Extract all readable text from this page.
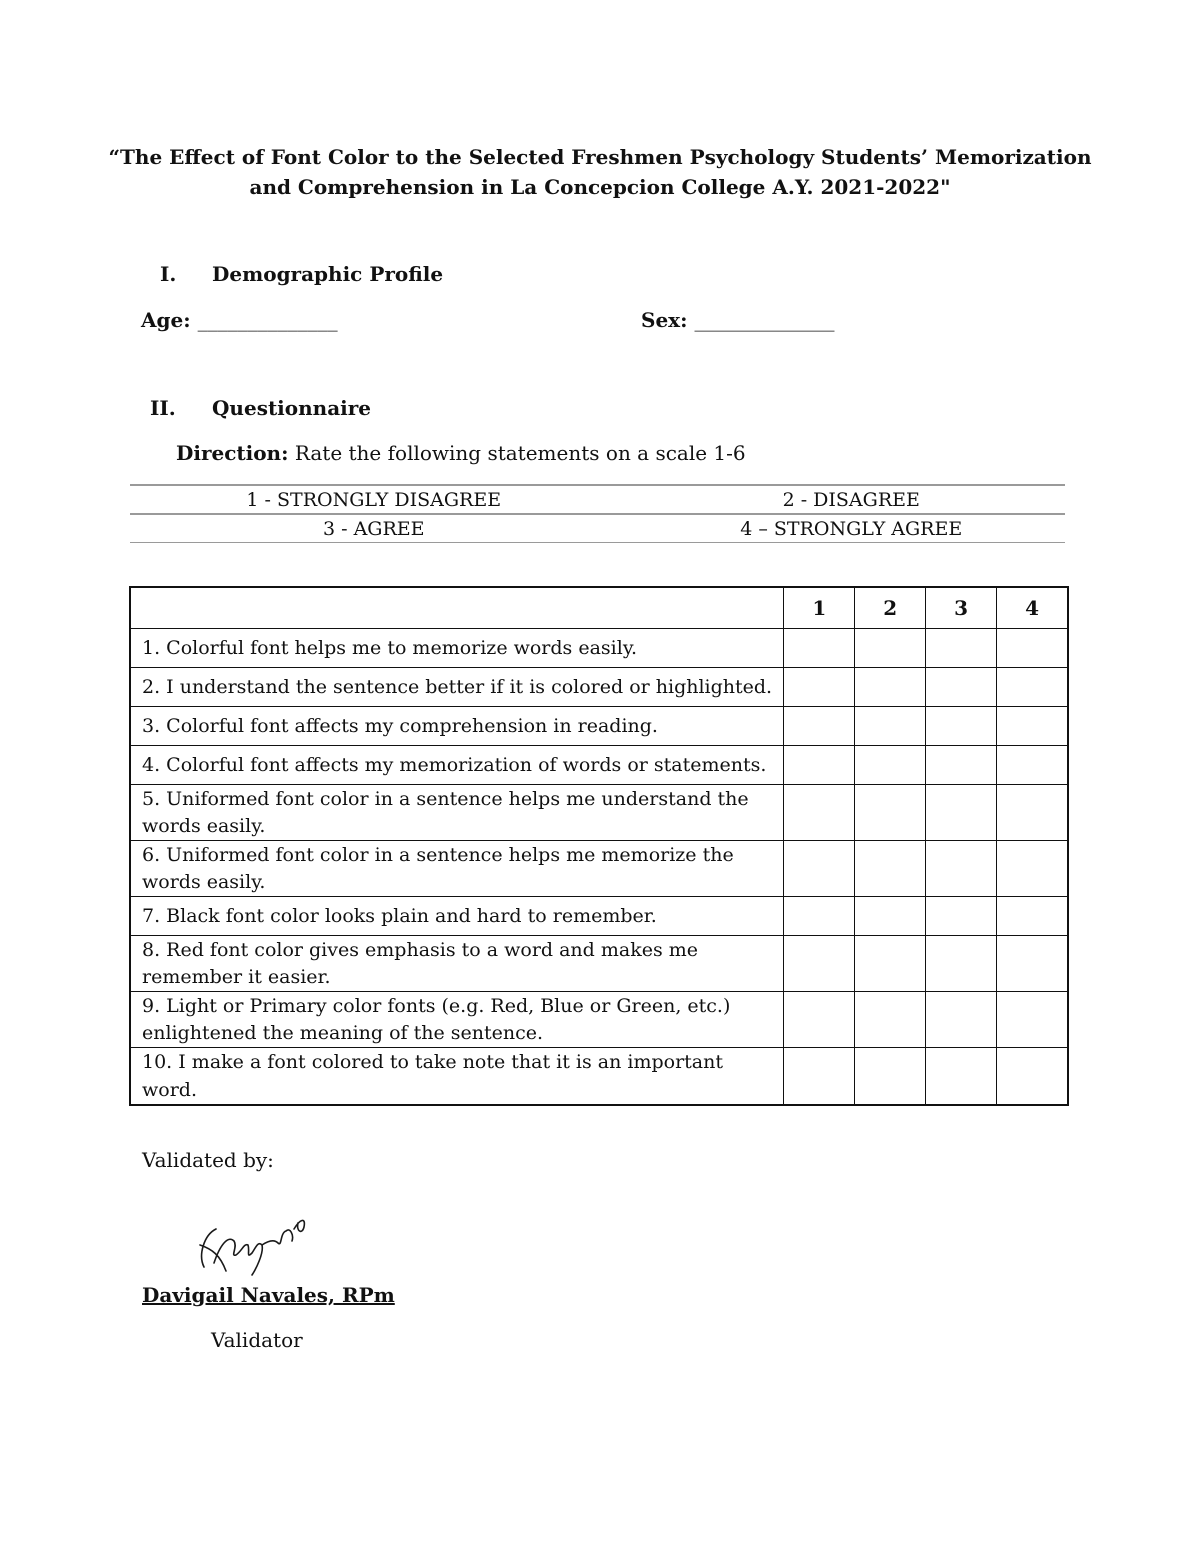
“The Effect of Font Color to the Selected Freshmen Psychology Students’ Memorization
and Comprehension in La Concepcion College A.Y. 2021-2022"
I. Demographic Profile
Age: ______________	Sex: ______________
II. Questionnaire
Direction: Rate the following statements on a scale 1-6
1 - STRONGLY DISAGREE	2 - DISAGREE
3 - AGREE	4 – STRONGLY AGREE
	1	2	3	4
1. Colorful font helps me to memorize words easily.				
2. I understand the sentence better if it is colored or highlighted.				
3. Colorful font affects my comprehension in reading.				
4. Colorful font affects my memorization of words or statements.				
5. Uniformed font color in a sentence helps me understand the words easily.				
6. Uniformed font color in a sentence helps me memorize the words easily.				
7. Black font color looks plain and hard to remember.				
8. Red font color gives emphasis to a word and makes me remember it easier.				
9. Light or Primary color fonts (e.g. Red, Blue or Green, etc.) enlightened the meaning of the sentence.				
10. I make a font colored to take note that it is an important word.				
Validated by:
Davigail Navales, RPm
Validator
